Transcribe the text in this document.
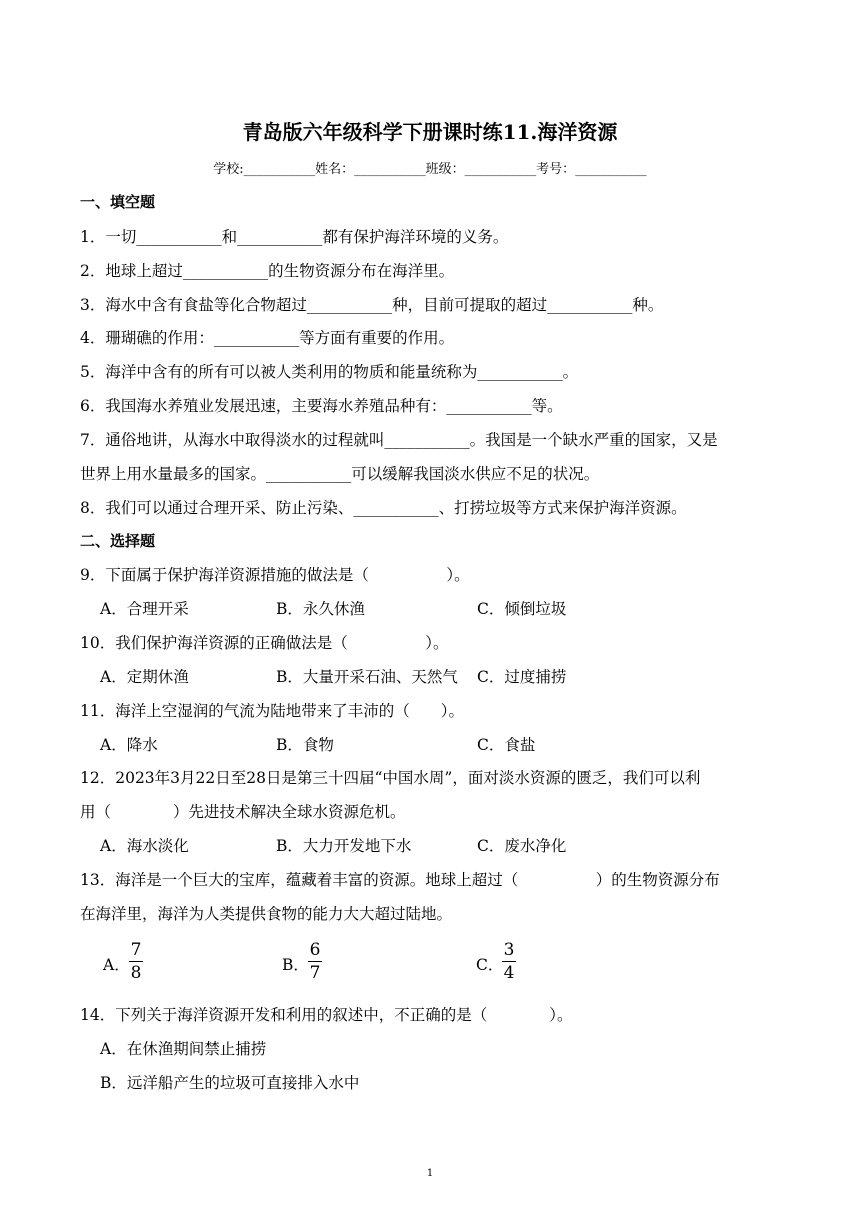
青岛版六年级科学下册课时练11.海洋资源
学校:___________姓名：___________班级：___________考号：___________
一、填空题
1．一切___________和___________都有保护海洋环境的义务。
2．地球上超过___________的生物资源分布在海洋里。
3．海水中含有食盐等化合物超过___________种，目前可提取的超过___________种。
4．珊瑚礁的作用：___________等方面有重要的作用。
5．海洋中含有的所有可以被人类利用的物质和能量统称为___________。
6．我国海水养殖业发展迅速，主要海水养殖品种有：___________等。
7．通俗地讲，从海水中取得淡水的过程就叫___________。我国是一个缺水严重的国家，又是
世界上用水量最多的国家。___________可以缓解我国淡水供应不足的状况。
8．我们可以通过合理开采、防止污染、___________、打捞垃圾等方式来保护海洋资源。
二、选择题
9．下面属于保护海洋资源措施的做法是（　　　　　）。
A．合理开采	B．永久休渔	C．倾倒垃圾
10．我们保护海洋资源的正确做法是（　　　　　）。
A．定期休渔	B．大量开采石油、天然气 C．过度捕捞
11．海洋上空湿润的气流为陆地带来了丰沛的（　　）。
A．降水	B．食物	C．食盐
12．2023年3月22日至28日是第三十四届“中国水周”，面对淡水资源的匮乏，我们可以利
用（　　　　）先进技术解决全球水资源危机。
A．海水淡化	B．大力开发地下水	C．废水净化
13．海洋是一个巨大的宝库，蕴藏着丰富的资源。地球上超过（　　　　　）的生物资源分布
在海洋里，海洋为人类提供食物的能力大大超过陆地。
A． $\frac{7}{8}$	B． $\frac{6}{7}$	C．
$\frac{3}{4}$
14．下列关于海洋资源开发和利用的叙述中，不正确的是（　　　　）。
A．在休渔期间禁止捕捞
B．远洋船产生的垃圾可直接排入水中
1
